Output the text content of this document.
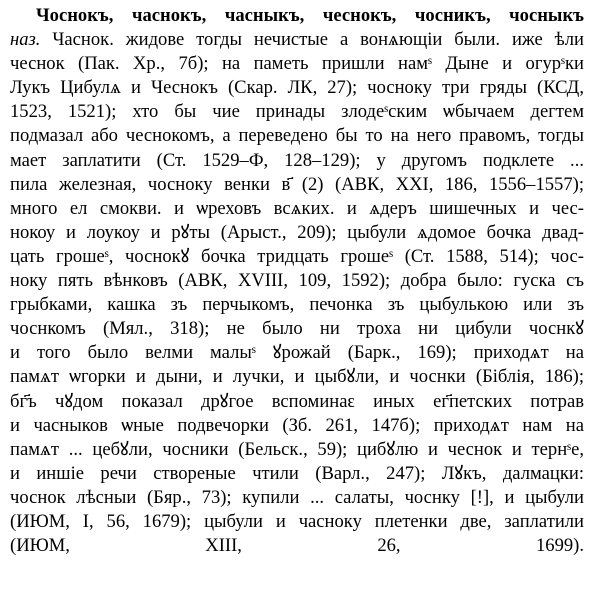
Чоснокъ, часнокъ, часныкъ, чеснокъ, чосникъ, чосныкъ
наз. Часнок. жидове тогды нечистые а вонѧющіи были. иже ѣли
чеснок (Пак. Хр., 7б); на паметь пришли намˢ Дыне и огурˢки
Лукъ Цибулѧ и Чеснокъ (Скар. ЛК, 27); чоснoку три гряды (КСД,
1523, 1521); хто бы чие принады злодеˢским ѡбычаем дегтем
подмазал або чеснокомъ, а переведено бы то на него правомъ, тогды
мает заплатити (Ст. 1529–Ф, 128–129); у другомъ подклете ...
пила железная, чосноку венки в҃ (2) (АВК, XXI, 186, 1556–1557);
много ел смокви. и ѡреховъ всѧких. и ѧдеръ шишечных и чес-
нокоу и лоукоу и рꙋты (Арыст., 209); цыбули ѧдомое бочка двад-
цать грошеˢ, чоснокꙋ бочка тридцать грошеˢ (Ст. 1588, 514); чос-
ноку пять вѣнковъ (АВК, XVIII, 109, 1592); добра было: гуска съ
грыбками, кашка зъ перчыкомъ, печонка зъ цыбулькою или зъ
чоснкомъ (Мял., 318); не было ни троха ни цибули чоснкꙋ
и того было велми малыˢ ꙋрожай (Барк., 169); приходѧт на
памѧт ѡгорки и дыни, и лучки, и цыбꙋли, и чоснки (Біблія, 186);
бг҃ъ чꙋдом показал дрꙋгое вспоминаԑ иных ег҃петских потрав
и часныков ѡные подвечорки (Зб. 261, 147б); приходѧт нам на
памѧт ... цебꙋли, чосники (Бельск., 59); цибꙋлю и чеснок и тернˢе,
и иншіе речи створеные чтили (Варл., 247); Лꙋкъ, далмацки:
чоснок лѣсныи (Бяр., 73); купили ... салаты, чоснку [!], и цыбули
(ИЮМ, I, 56, 1679); цыбули и часноку плетенки две, заплатили
(ИЮМ, XIII, 26, 1699).
